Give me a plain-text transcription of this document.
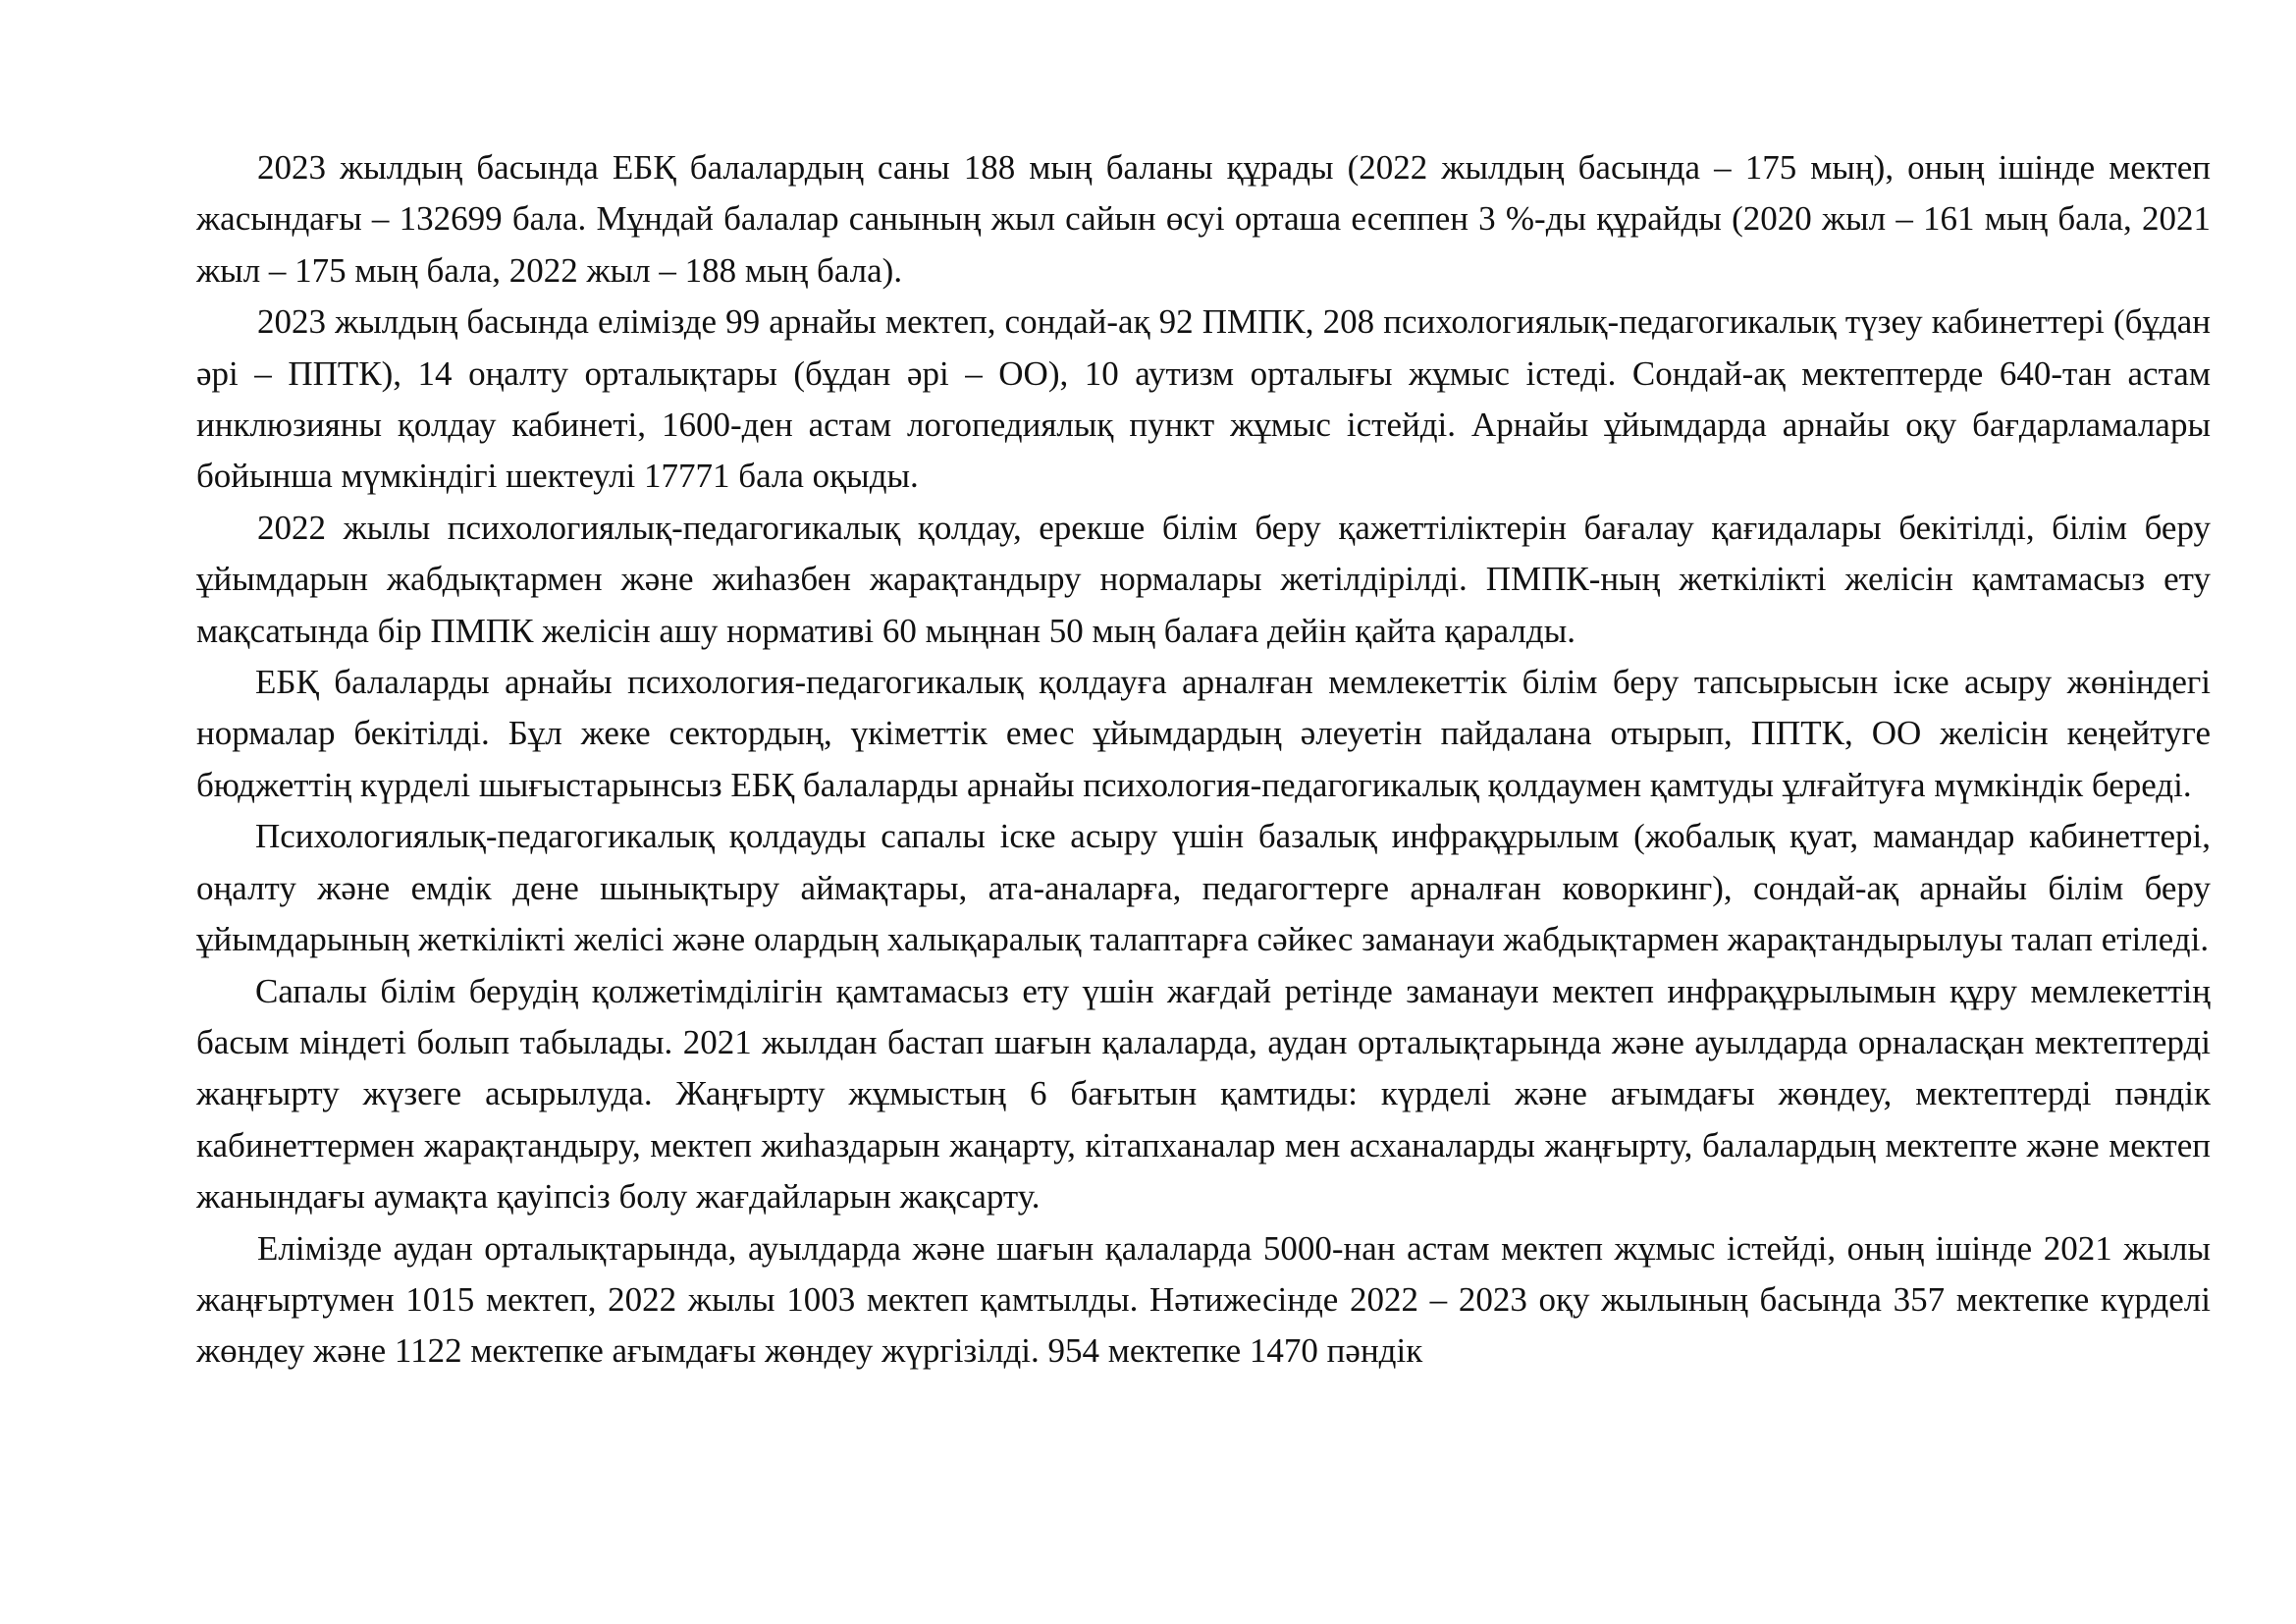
2023 жылдың басында ЕБҚ балалардың саны 188 мың баланы құрады (2022 жылдың басында – 175 мың), оның ішінде мектеп жасындағы – 132699 бала. Мұндай балалар санының жыл сайын өсуі орташа есеппен 3 %-ды құрайды (2020 жыл – 161 мың бала, 2021 жыл – 175 мың бала, 2022 жыл – 188 мың бала).

2023 жылдың басында елімізде 99 арнайы мектеп, сондай-ақ 92 ПМПК, 208 психологиялық-педагогикалық түзеу кабинеттері (бұдан әрі – ППТК), 14 оңалту орталықтары (бұдан әрі – ОО), 10 аутизм орталығы жұмыс істеді. Сондай-ақ мектептерде 640-тан астам инклюзияны қолдау кабинеті, 1600-ден астам логопедиялық пункт жұмыс істейді. Арнайы ұйымдарда арнайы оқу бағдарламалары бойынша мүмкіндігі шектеулі 17771 бала оқыды.

2022 жылы психологиялық-педагогикалық қолдау, ерекше білім беру қажеттіліктерін бағалау қағидалары бекітілді, білім беру ұйымдарын жабдықтармен және жиһазбен жарақтандыру нормалары жетілдірілді. ПМПК-ның жеткілікті желісін қамтамасыз ету мақсатында бір ПМПК желісін ашу нормативі 60 мыңнан 50 мың балаға дейін қайта қаралды.

ЕБҚ балаларды арнайы психология-педагогикалық қолдауға арналған мемлекеттік білім беру тапсырысын іске асыру жөніндегі нормалар бекітілді. Бұл жеке сектордың, үкіметтік емес ұйымдардың әлеуетін пайдалана отырып, ППТК, ОО желісін кеңейтуге бюджеттің күрделі шығыстарынсыз ЕБҚ балаларды арнайы психология-педагогикалық қолдаумен қамтуды ұлғайтуға мүмкіндік береді.

Психологиялық-педагогикалық қолдауды сапалы іске асыру үшін базалық инфрақұрылым (жобалық қуат, мамандар кабинеттері, оңалту және емдік дене шынықтыру аймақтары, ата-аналарға, педагогтерге арналған коворкинг), сондай-ақ арнайы білім беру ұйымдарының жеткілікті желісі және олардың халықаралық талаптарға сәйкес заманауи жабдықтармен жарақтандырылуы талап етіледі.

Сапалы білім берудің қолжетімділігін қамтамасыз ету үшін жағдай ретінде заманауи мектеп инфрақұрылымын құру мемлекеттің басым міндеті болып табылады. 2021 жылдан бастап шағын қалаларда, аудан орталықтарында және ауылдарда орналасқан мектептерді жаңғырту жүзеге асырылуда. Жаңғырту жұмыстың 6 бағытын қамтиды: күрделі және ағымдағы жөндеу, мектептерді пәндік кабинеттермен жарақтандыру, мектеп жиһаздарын жаңарту, кітапханалар мен асханаларды жаңғырту, балалардың мектепте және мектеп жанындағы аумақта қауіпсіз болу жағдайларын жақсарту.

Елімізде аудан орталықтарында, ауылдарда және шағын қалаларда 5000-нан астам мектеп жұмыс істейді, оның ішінде 2021 жылы жаңғыртумен 1015 мектеп, 2022 жылы 1003 мектеп қамтылды. Нәтижесінде 2022 – 2023 оқу жылының басында 357 мектепке күрделі жөндеу және 1122 мектепке ағымдағы жөндеу жүргізілді. 954 мектепке 1470 пәндік
